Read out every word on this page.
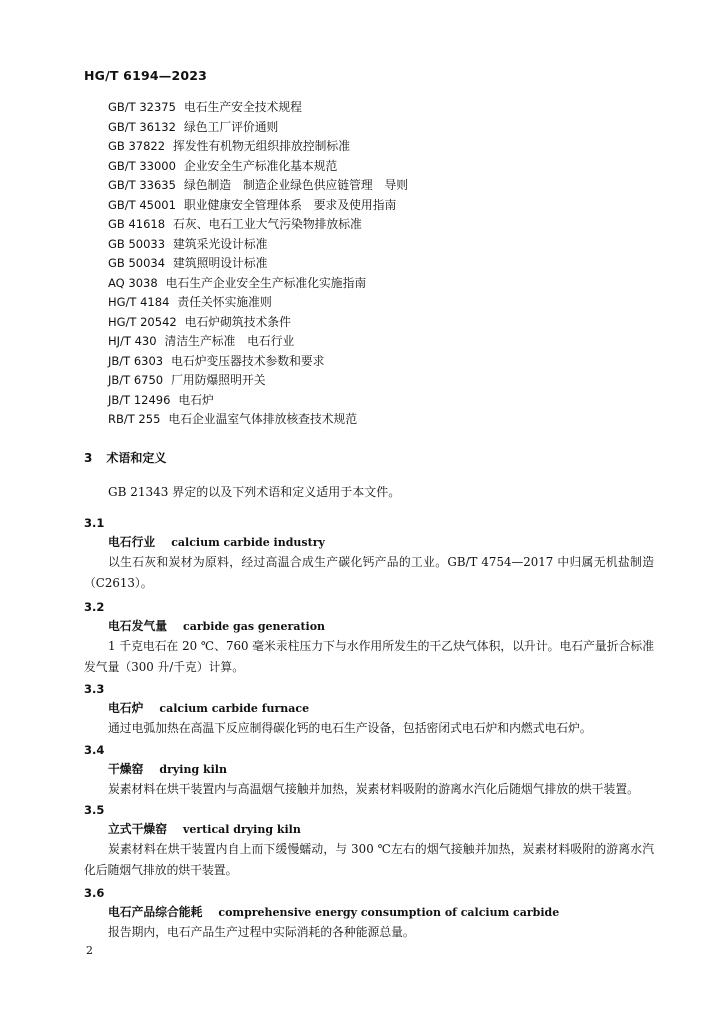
HG/T 6194—2023
GB/T 32375 电石生产安全技术规程
GB/T 36132 绿色工厂评价通则
GB 37822 挥发性有机物无组织排放控制标准
GB/T 33000 企业安全生产标准化基本规范
GB/T 33635 绿色制造　制造企业绿色供应链管理　导则
GB/T 45001 职业健康安全管理体系　要求及使用指南
GB 41618 石灰、电石工业大气污染物排放标准
GB 50033 建筑采光设计标准
GB 50034 建筑照明设计标准
AQ 3038 电石生产企业安全生产标准化实施指南
HG/T 4184 责任关怀实施准则
HG/T 20542 电石炉砌筑技术条件
HJ/T 430 清洁生产标准　电石行业
JB/T 6303 电石炉变压器技术参数和要求
JB/T 6750 厂用防爆照明开关
JB/T 12496 电石炉
RB/T 255 电石企业温室气体排放核查技术规范
3 术语和定义
GB 21343 界定的以及下列术语和定义适用于本文件。
3.1
电石行业 calcium carbide industry

以生石灰和炭材为原料，经过高温合成生产碳化钙产品的工业。GB/T 4754—2017 中归属无机盐制造（C2613）。

3.2
电石发气量 carbide gas generation

1 千克电石在 20 ℃、760 毫米汞柱压力下与水作用所发生的干乙炔气体积，以升计。电石产量折合标准发气量（300 升/千克）计算。

3.3
电石炉 calcium carbide furnace

通过电弧加热在高温下反应制得碳化钙的电石生产设备，包括密闭式电石炉和内燃式电石炉。

3.4
干燥窑 drying kiln

炭素材料在烘干装置内与高温烟气接触并加热，炭素材料吸附的游离水汽化后随烟气排放的烘干装置。

3.5
立式干燥窑 vertical drying kiln

炭素材料在烘干装置内自上而下缓慢蠕动，与 300 ℃左右的烟气接触并加热，炭素材料吸附的游离水汽化后随烟气排放的烘干装置。

3.6
电石产品综合能耗 comprehensive energy consumption of calcium carbide

报告期内，电石产品生产过程中实际消耗的各种能源总量。

2
